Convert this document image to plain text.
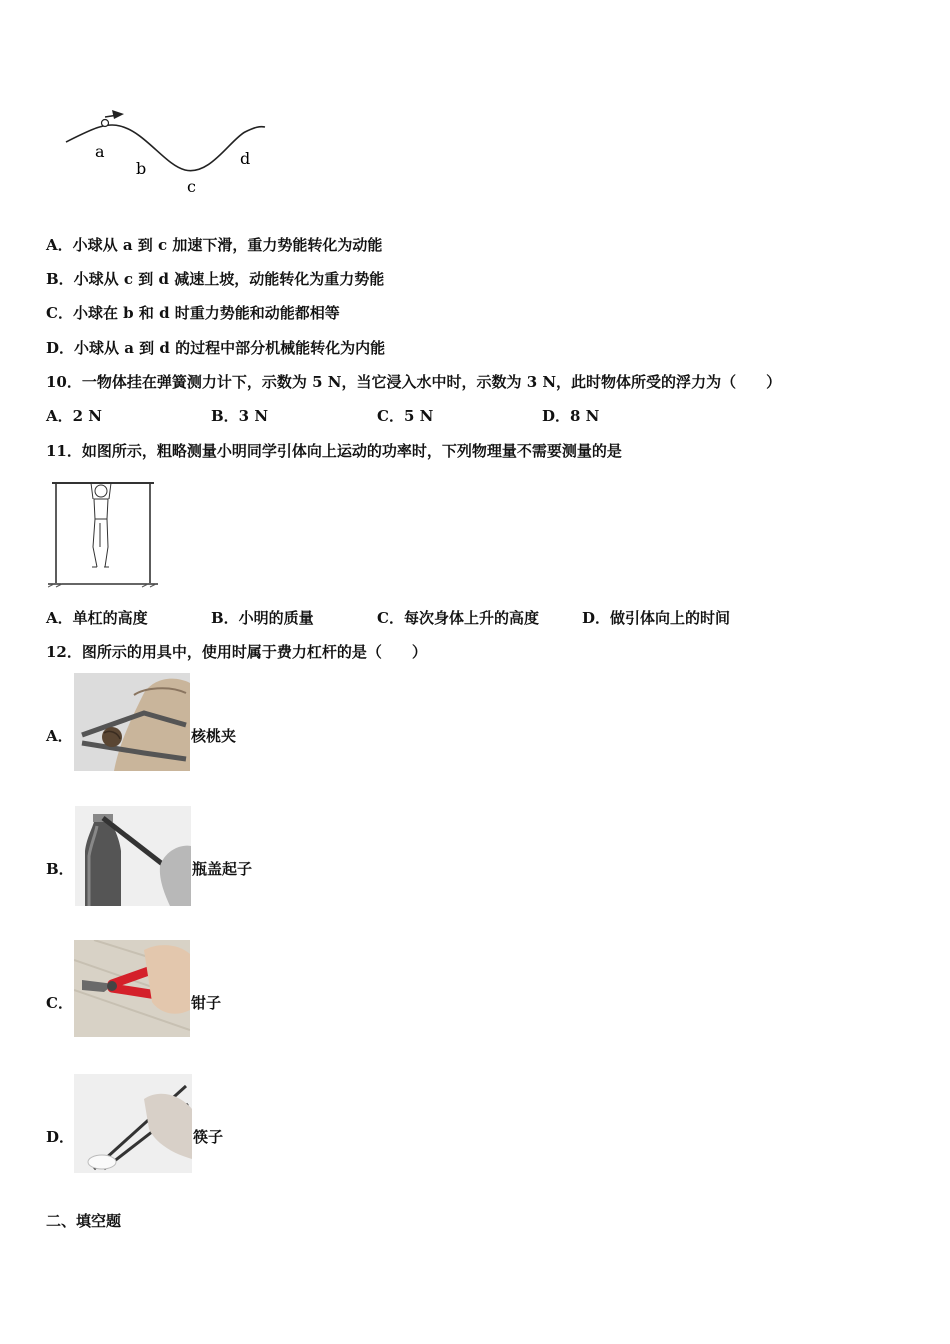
a
b
c
d
A．小球从 a 到 c 加速下滑，重力势能转化为动能
B．小球从 c 到 d 减速上坡，动能转化为重力势能
C．小球在 b 和 d 时重力势能和动能都相等
D．小球从 a 到 d 的过程中部分机械能转化为内能
10．一物体挂在弹簧测力计下，示数为 5 N，当它浸入水中时，示数为 3 N，此时物体所受的浮力为（　　）
A．2 N	B．3 N	C．5 N	D．8 N
11．如图所示，粗略测量小明同学引体向上运动的功率时，下列物理量不需要测量的是
A．单杠的高度	B．小明的质量	C．每次身体上升的高度	D．做引体向上的时间
12．图所示的用具中，使用时属于费力杠杆的是（　　）
A．	核桃夹
B．	瓶盖起子
C．	钳子
D．	筷子
二、填空题
